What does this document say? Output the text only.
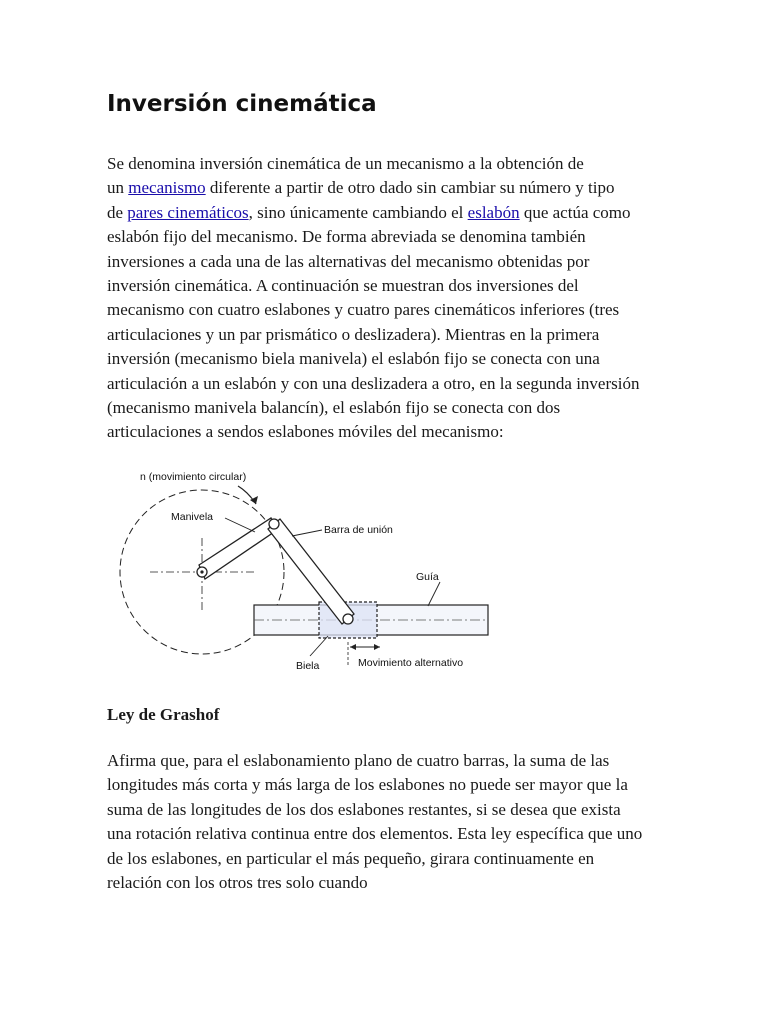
Inversión cinemática

Se denomina inversión cinemática de un mecanismo a la obtención de
un mecanismo diferente a partir de otro dado sin cambiar su número y tipo
de pares cinemáticos, sino únicamente cambiando el eslabón que actúa como
eslabón fijo del mecanismo. De forma abreviada se denomina también
inversiones a cada una de las alternativas del mecanismo obtenidas por
inversión cinemática. A continuación se muestran dos inversiones del
mecanismo con cuatro eslabones y cuatro pares cinemáticos inferiores (tres
articulaciones y un par prismático o deslizadera). Mientras en la primera
inversión (mecanismo biela manivela) el eslabón fijo se conecta con una
articulación a un eslabón y con una deslizadera a otro, en la segunda inversión
(mecanismo manivela balancín), el eslabón fijo se conecta con dos
articulaciones a sendos eslabones móviles del mecanismo:

n (movimiento circular)
Manivela
Barra de unión
Guía
Biela	Movimiento alternativo
Ley de Grashof

Afirma que, para el eslabonamiento plano de cuatro barras, la suma de las
longitudes más corta y más larga de los eslabones no puede ser mayor que la
suma de las longitudes de los dos eslabones restantes, si se desea que exista
una rotación relativa continua entre dos elementos. Esta ley específica que uno
de los eslabones, en particular el más pequeño, girara continuamente en
relación con los otros tres solo cuando
